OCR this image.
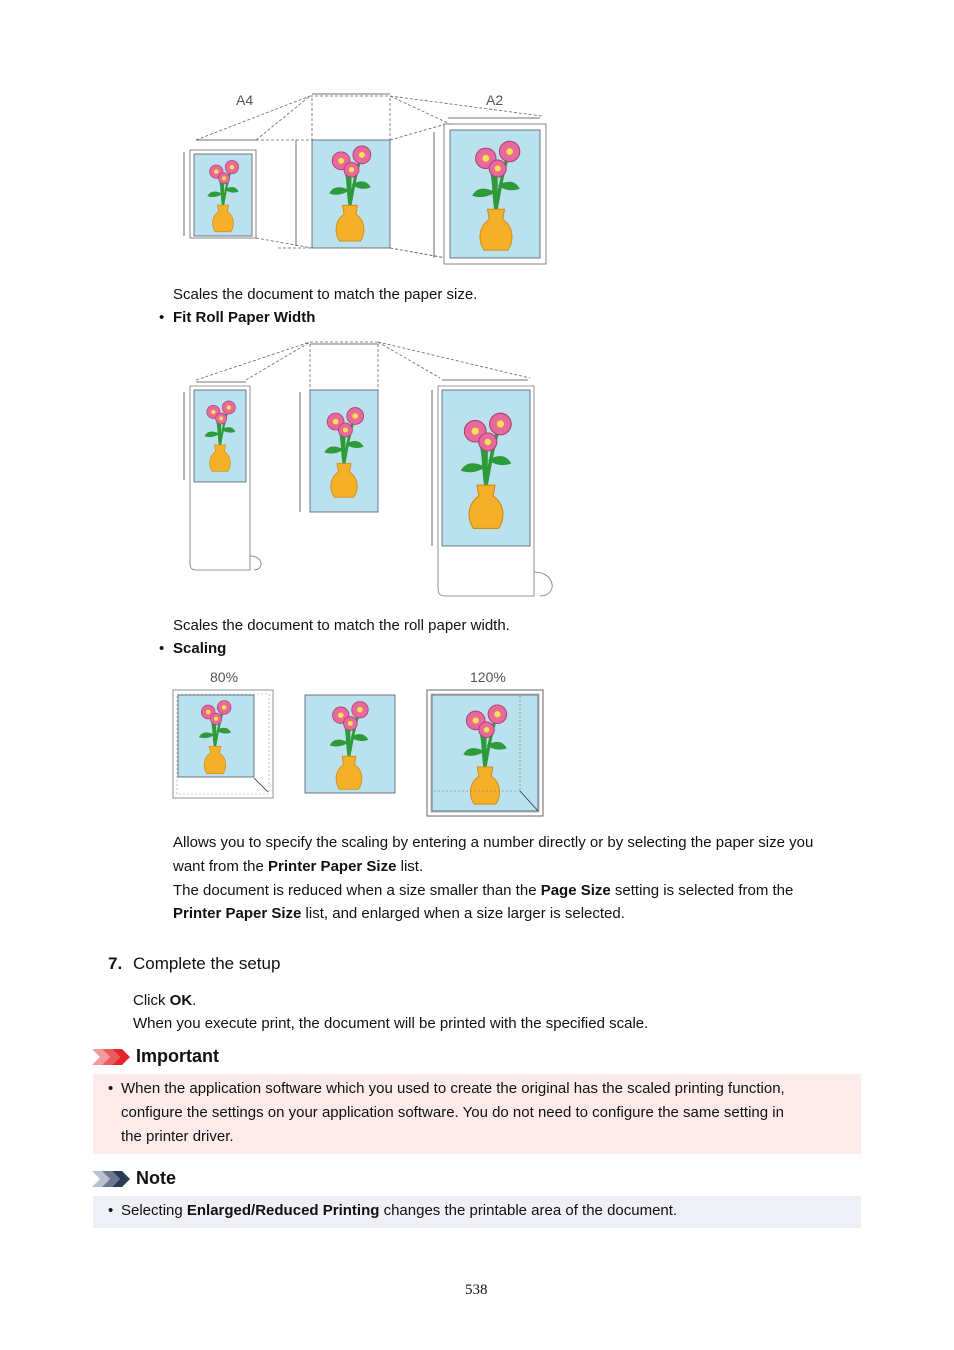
A4	A2
Scales the document to match the paper size.
• Fit Roll Paper Width
Scales the document to match the roll paper width.
• Scaling
80%	120%
Allows you to specify the scaling by entering a number directly or by selecting the paper size you
want from the Printer Paper Size list.
The document is reduced when a size smaller than the Page Size setting is selected from the
Printer Paper Size list, and enlarged when a size larger is selected.
7. Complete the setup
Click OK.
When you execute print, the document will be printed with the specified scale.
Important
• When the application software which you used to create the original has the scaled printing function,
configure the settings on your application software. You do not need to configure the same setting in
the printer driver.
Note
• Selecting Enlarged/Reduced Printing changes the printable area of the document.
538
